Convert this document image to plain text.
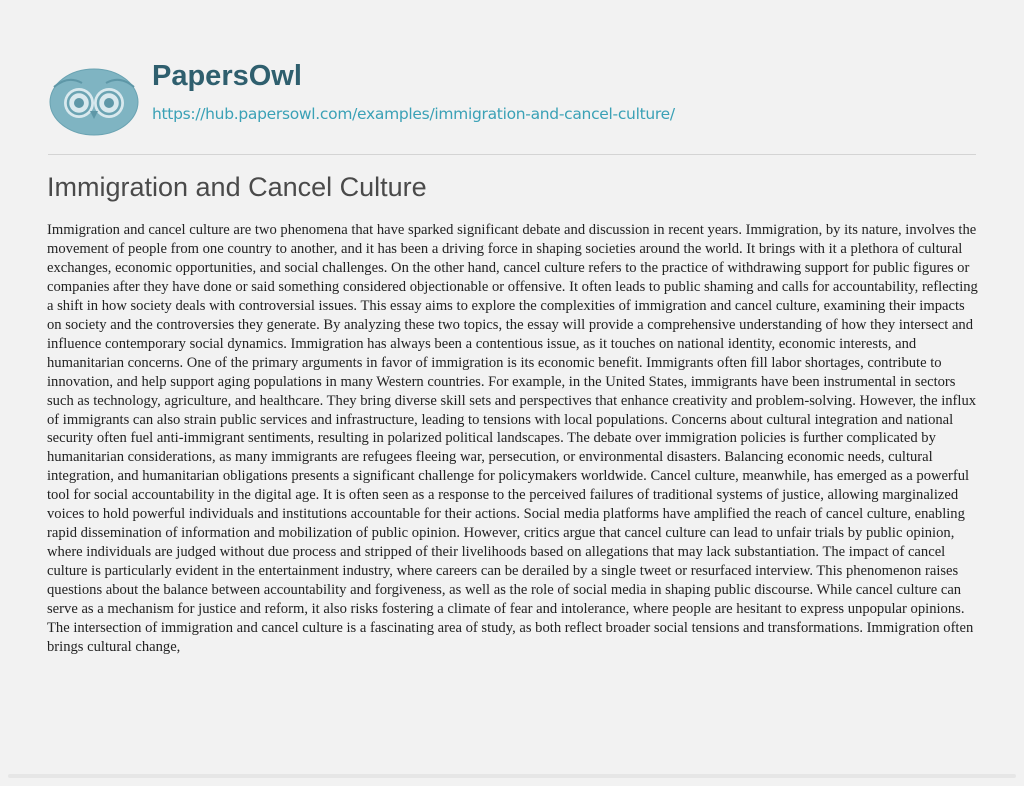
PapersOwl
https://hub.papersowl.com/examples/immigration-and-cancel-culture/
Immigration and Cancel Culture

Immigration and cancel culture are two phenomena that have sparked significant debate and discussion in recent years. Immigration, by its nature, involves the movement of people from one country to another, and it has been a driving force in shaping societies around the world. It brings with it a plethora of cultural exchanges, economic opportunities, and social challenges. On the other hand, cancel culture refers to the practice of withdrawing support for public figures or companies after they have done or said something considered objectionable or offensive. It often leads to public shaming and calls for accountability, reflecting a shift in how society deals with controversial issues. This essay aims to explore the complexities of immigration and cancel culture, examining their impacts on society and the controversies they generate. By analyzing these two topics, the essay will provide a comprehensive understanding of how they intersect and influence contemporary social dynamics. Immigration has always been a contentious issue, as it touches on national identity, economic interests, and humanitarian concerns. One of the primary arguments in favor of immigration is its economic benefit. Immigrants often fill labor shortages, contribute to innovation, and help support aging populations in many Western countries. For example, in the United States, immigrants have been instrumental in sectors such as technology, agriculture, and healthcare. They bring diverse skill sets and perspectives that enhance creativity and problem-solving. However, the influx of immigrants can also strain public services and infrastructure, leading to tensions with local populations. Concerns about cultural integration and national security often fuel anti-immigrant sentiments, resulting in polarized political landscapes. The debate over immigration policies is further complicated by humanitarian considerations, as many immigrants are refugees fleeing war, persecution, or environmental disasters. Balancing economic needs, cultural integration, and humanitarian obligations presents a significant challenge for policymakers worldwide. Cancel culture, meanwhile, has emerged as a powerful tool for social accountability in the digital age. It is often seen as a response to the perceived failures of traditional systems of justice, allowing marginalized voices to hold powerful individuals and institutions accountable for their actions. Social media platforms have amplified the reach of cancel culture, enabling rapid dissemination of information and mobilization of public opinion. However, critics argue that cancel culture can lead to unfair trials by public opinion, where individuals are judged without due process and stripped of their livelihoods based on allegations that may lack substantiation. The impact of cancel culture is particularly evident in the entertainment industry, where careers can be derailed by a single tweet or resurfaced interview. This phenomenon raises questions about the balance between accountability and forgiveness, as well as the role of social media in shaping public discourse. While cancel culture can serve as a mechanism for justice and reform, it also risks fostering a climate of fear and intolerance, where people are hesitant to express unpopular opinions. The intersection of immigration and cancel culture is a fascinating area of study, as both reflect broader social tensions and transformations. Immigration often brings cultural change,
